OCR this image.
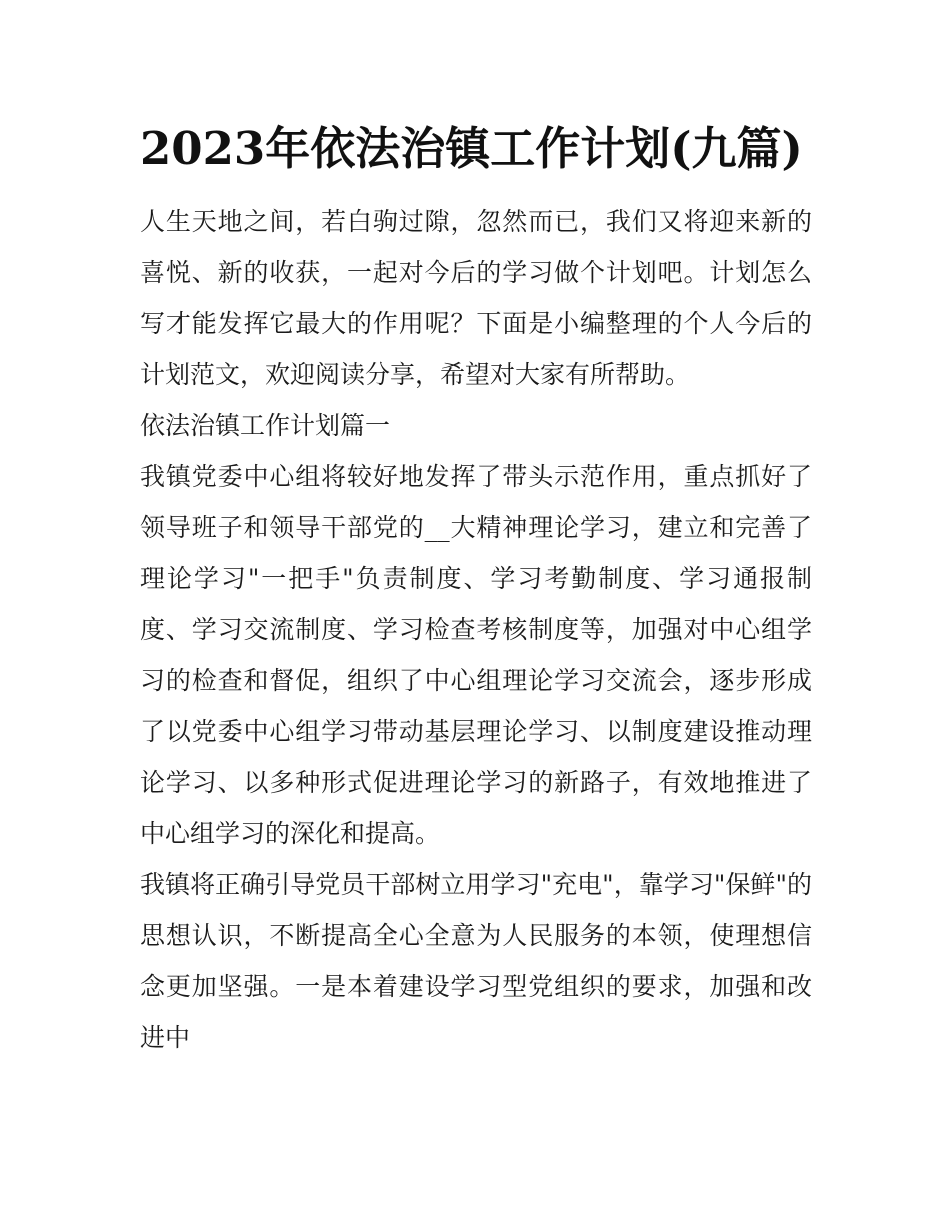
2023年依法治镇工作计划(九篇)

人生天地之间，若白驹过隙，忽然而已，我们又将迎来新的喜悦、新的收获，一起对今后的学习做个计划吧。计划怎么写才能发挥它最大的作用呢？下面是小编整理的个人今后的计划范文，欢迎阅读分享，希望对大家有所帮助。

依法治镇工作计划篇一

我镇党委中心组将较好地发挥了带头示范作用，重点抓好了领导班子和领导干部党的__大精神理论学习，建立和完善了理论学习"一把手"负责制度、学习考勤制度、学习通报制度、学习交流制度、学习检查考核制度等，加强对中心组学习的检查和督促，组织了中心组理论学习交流会，逐步形成了以党委中心组学习带动基层理论学习、以制度建设推动理论学习、以多种形式促进理论学习的新路子，有效地推进了中心组学习的深化和提高。

我镇将正确引导党员干部树立用学习"充电"，靠学习"保鲜"的思想认识，不断提高全心全意为人民服务的本领，使理想信念更加坚强。一是本着建设学习型党组织的要求，加强和改进中
